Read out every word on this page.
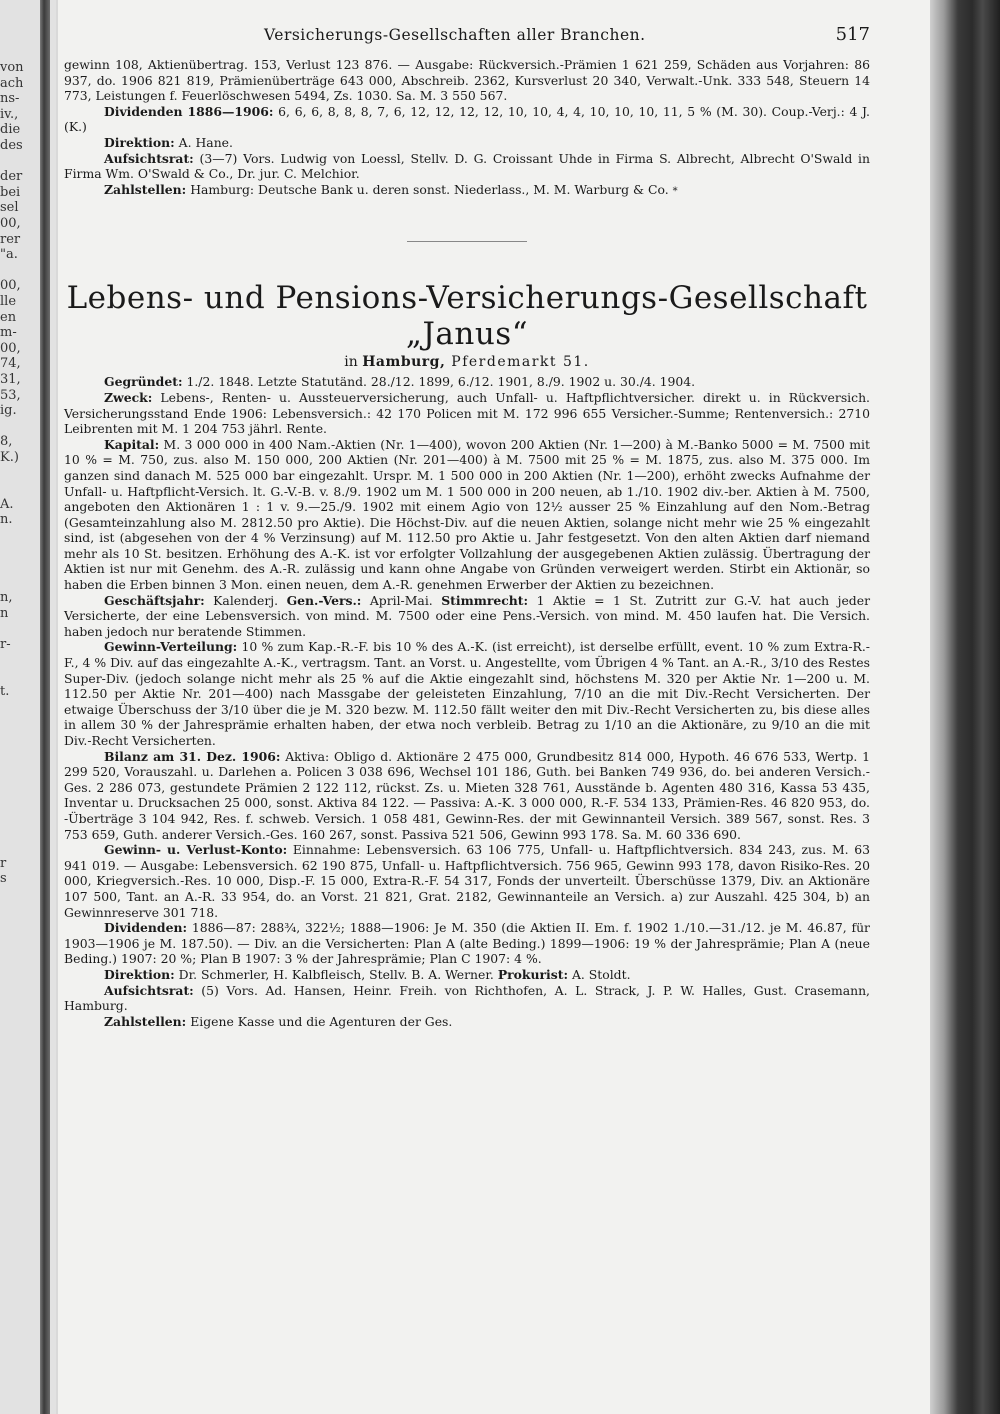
von
ach
ns-
iv.,
die
des
der
bei
sel
00,
rer
"a.
00,
lle
en
m-
00,
74,
31,
53,
ig.
8,
K.)
A.
n.
n,
n
r-
t.
r
s
Versicherungs-Gesellschaften aller Branchen.	517

gewinn 108, Aktienübertrag. 153, Verlust 123 876. — Ausgabe: Rückversich.-Prämien 1 621 259, Schäden aus Vorjahren: 86 937, do. 1906 821 819, Prämienüberträge 643 000, Abschreib. 2362, Kursverlust 20 340, Verwalt.-Unk. 333 548, Steuern 14 773, Leistungen f. Feuerlöschwesen 5494, Zs. 1030. Sa. M. 3 550 567.

Dividenden 1886—1906: 6, 6, 6, 8, 8, 8, 7, 6, 12, 12, 12, 12, 10, 10, 4, 4, 10, 10, 10, 11, 5 % (M. 30). Coup.-Verj.: 4 J. (K.)

Direktion: A. Hane.

Aufsichtsrat: (3—7) Vors. Ludwig von Loessl, Stellv. D. G. Croissant Uhde in Firma S. Albrecht, Albrecht O'Swald in Firma Wm. O'Swald & Co., Dr. jur. C. Melchior.

Zahlstellen: Hamburg: Deutsche Bank u. deren sonst. Niederlass., M. M. Warburg & Co. *

Lebens- und Pensions-Versicherungs-Gesellschaft „Janus“
in Hamburg, Pferdemarkt 51.

Gegründet: 1./2. 1848. Letzte Statutänd. 28./12. 1899, 6./12. 1901, 8./9. 1902 u. 30./4. 1904.

Zweck: Lebens-, Renten- u. Aussteuerversicherung, auch Unfall- u. Haftpflichtversicher. direkt u. in Rückversich. Versicherungsstand Ende 1906: Lebensversich.: 42 170 Policen mit M. 172 996 655 Versicher.-Summe; Rentenversich.: 2710 Leibrenten mit M. 1 204 753 jährl. Rente.

Kapital: M. 3 000 000 in 400 Nam.-Aktien (Nr. 1—400), wovon 200 Aktien (Nr. 1—200) à M.-Banko 5000 = M. 7500 mit 10 % = M. 750, zus. also M. 150 000, 200 Aktien (Nr. 201—400) à M. 7500 mit 25 % = M. 1875, zus. also M. 375 000. Im ganzen sind danach M. 525 000 bar eingezahlt. Urspr. M. 1 500 000 in 200 Aktien (Nr. 1—200), erhöht zwecks Aufnahme der Unfall- u. Haftpflicht-Versich. lt. G.-V.-B. v. 8./9. 1902 um M. 1 500 000 in 200 neuen, ab 1./10. 1902 div.-ber. Aktien à M. 7500, angeboten den Aktionären 1 : 1 v. 9.—25./9. 1902 mit einem Agio von 12½ ausser 25 % Einzahlung auf den Nom.-Betrag (Gesamteinzahlung also M. 2812.50 pro Aktie). Die Höchst-Div. auf die neuen Aktien, solange nicht mehr wie 25 % eingezahlt sind, ist (abgesehen von der 4 % Verzinsung) auf M. 112.50 pro Aktie u. Jahr festgesetzt. Von den alten Aktien darf niemand mehr als 10 St. besitzen. Erhöhung des A.-K. ist vor erfolgter Vollzahlung der ausgegebenen Aktien zulässig. Übertragung der Aktien ist nur mit Genehm. des A.-R. zulässig und kann ohne Angabe von Gründen verweigert werden. Stirbt ein Aktionär, so haben die Erben binnen 3 Mon. einen neuen, dem A.-R. genehmen Erwerber der Aktien zu bezeichnen.

Geschäftsjahr: Kalenderj. Gen.-Vers.: April-Mai. Stimmrecht: 1 Aktie = 1 St. Zutritt zur G.-V. hat auch jeder Versicherte, der eine Lebensversich. von mind. M. 7500 oder eine Pens.-Versich. von mind. M. 450 laufen hat. Die Versich. haben jedoch nur beratende Stimmen.

Gewinn-Verteilung: 10 % zum Kap.-R.-F. bis 10 % des A.-K. (ist erreicht), ist derselbe erfüllt, event. 10 % zum Extra-R.-F., 4 % Div. auf das eingezahlte A.-K., vertragsm. Tant. an Vorst. u. Angestellte, vom Übrigen 4 % Tant. an A.-R., 3/10 des Restes Super-Div. (jedoch solange nicht mehr als 25 % auf die Aktie eingezahlt sind, höchstens M. 320 per Aktie Nr. 1—200 u. M. 112.50 per Aktie Nr. 201—400) nach Massgabe der geleisteten Einzahlung, 7/10 an die mit Div.-Recht Versicherten. Der etwaige Überschuss der 3/10 über die je M. 320 bezw. M. 112.50 fällt weiter den mit Div.-Recht Versicherten zu, bis diese alles in allem 30 % der Jahresprämie erhalten haben, der etwa noch verbleib. Betrag zu 1/10 an die Aktionäre, zu 9/10 an die mit Div.-Recht Versicherten.

Bilanz am 31. Dez. 1906: Aktiva: Obligo d. Aktionäre 2 475 000, Grundbesitz 814 000, Hypoth. 46 676 533, Wertp. 1 299 520, Vorauszahl. u. Darlehen a. Policen 3 038 696, Wechsel 101 186, Guth. bei Banken 749 936, do. bei anderen Versich.-Ges. 2 286 073, gestundete Prämien 2 122 112, rückst. Zs. u. Mieten 328 761, Ausstände b. Agenten 480 316, Kassa 53 435, Inventar u. Drucksachen 25 000, sonst. Aktiva 84 122. — Passiva: A.-K. 3 000 000, R.-F. 534 133, Prämien-Res. 46 820 953, do. -Überträge 3 104 942, Res. f. schweb. Versich. 1 058 481, Gewinn-Res. der mit Gewinnanteil Versich. 389 567, sonst. Res. 3 753 659, Guth. anderer Versich.-Ges. 160 267, sonst. Passiva 521 506, Gewinn 993 178. Sa. M. 60 336 690.

Gewinn- u. Verlust-Konto: Einnahme: Lebensversich. 63 106 775, Unfall- u. Haftpflichtversich. 834 243, zus. M. 63 941 019. — Ausgabe: Lebensversich. 62 190 875, Unfall- u. Haftpflichtversich. 756 965, Gewinn 993 178, davon Risiko-Res. 20 000, Kriegversich.-Res. 10 000, Disp.-F. 15 000, Extra-R.-F. 54 317, Fonds der unverteilt. Überschüsse 1379, Div. an Aktionäre 107 500, Tant. an A.-R. 33 954, do. an Vorst. 21 821, Grat. 2182, Gewinnanteile an Versich. a) zur Auszahl. 425 304, b) an Gewinnreserve 301 718.

Dividenden: 1886—87: 288¾, 322½; 1888—1906: Je M. 350 (die Aktien II. Em. f. 1902 1./10.—31./12. je M. 46.87, für 1903—1906 je M. 187.50). — Div. an die Versicherten: Plan A (alte Beding.) 1899—1906: 19 % der Jahresprämie; Plan A (neue Beding.) 1907: 20 %; Plan B 1907: 3 % der Jahresprämie; Plan C 1907: 4 %.

Direktion: Dr. Schmerler, H. Kalbfleisch, Stellv. B. A. Werner. Prokurist: A. Stoldt.

Aufsichtsrat: (5) Vors. Ad. Hansen, Heinr. Freih. von Richthofen, A. L. Strack, J. P. W. Halles, Gust. Crasemann, Hamburg.

Zahlstellen: Eigene Kasse und die Agenturen der Ges.
